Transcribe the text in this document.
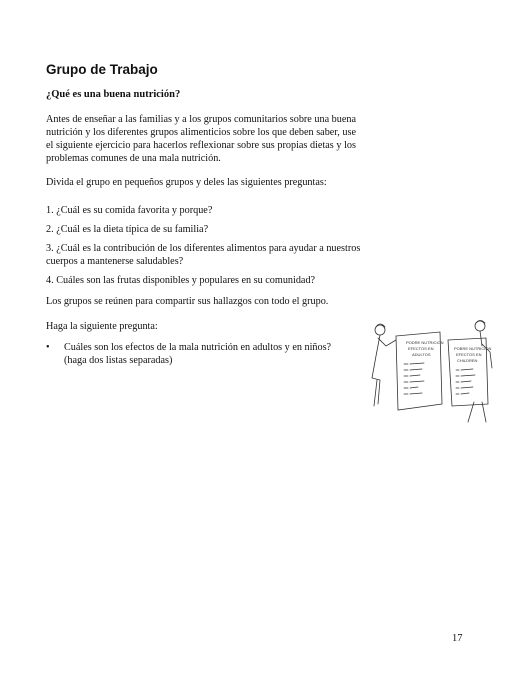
Grupo de Trabajo
¿Qué es una buena nutrición?

Antes de enseñar a las familias y a los grupos comunitarios sobre una buena nutrición y los diferentes grupos alimenticios sobre los que deben saber, use el siguiente ejercicio para hacerlos reflexionar sobre sus propias dietas y los problemas comunes de una mala nutrición.

Divida el grupo en pequeños grupos y deles las siguientes preguntas:

1. ¿Cuál es su comida favorita y porque?
2. ¿Cuál es la dieta típica de su familia?
3. ¿Cuál es la contribución de los diferentes alimentos para ayudar a nuestros cuerpos a mantenerse saludables?
4. Cuáles son las frutas disponibles y populares en su comunidad?

Los grupos se reúnen para compartir sus hallazgos con todo el grupo.

Haga la siguiente pregunta:

•	Cuáles son los efectos de la mala nutrición en adultos y en niños?
(haga dos listas separadas)
PODRE NUTRICION
EFECTOS EN
ADULTOS
POBRE NUTRICION
EFECTOS EN
CHILDREN
17
